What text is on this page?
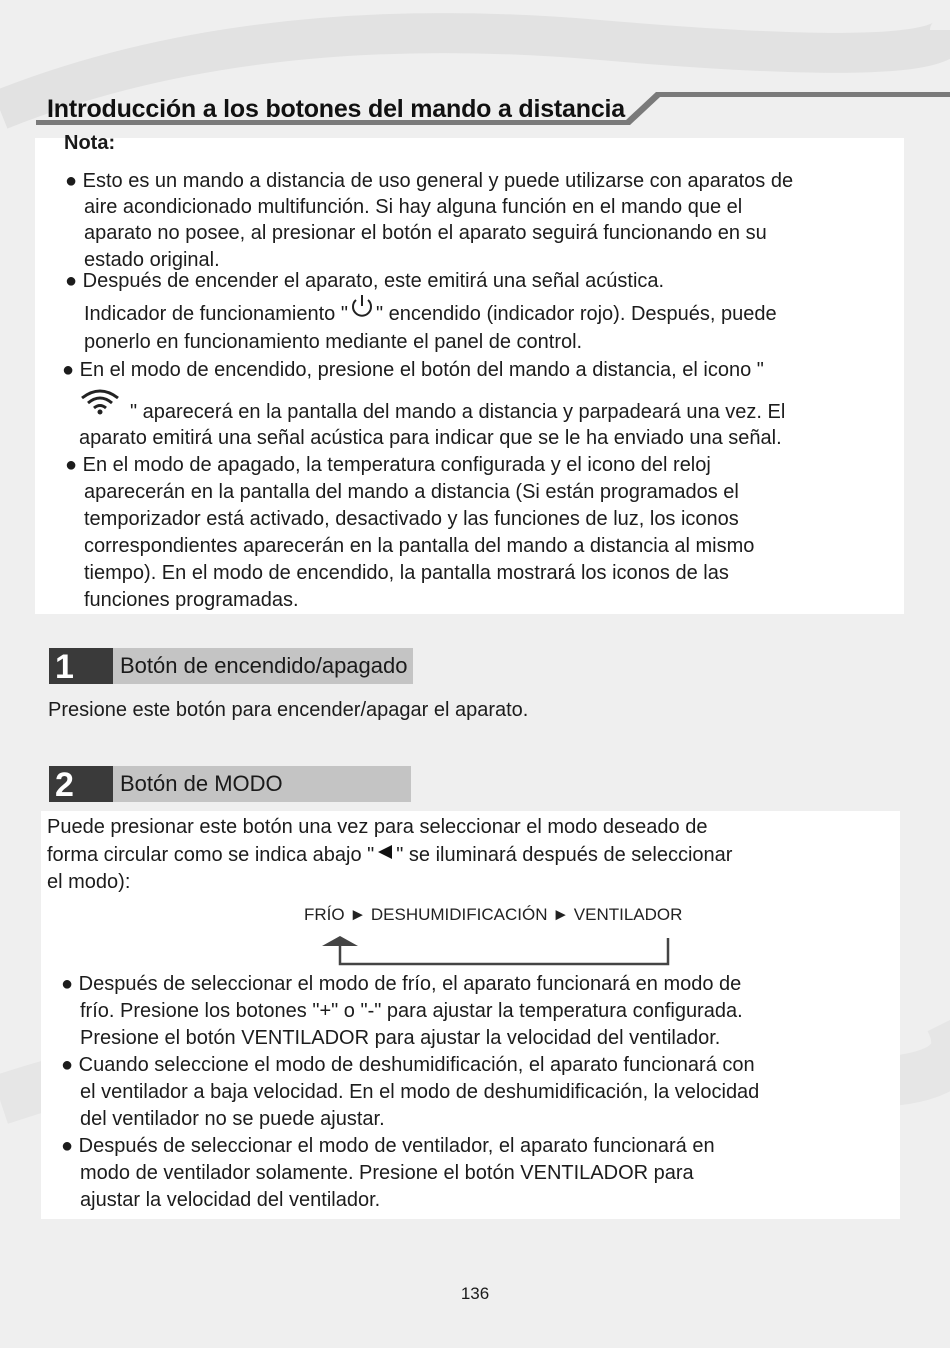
Introducción a los botones del mando a distancia
Nota:
● Esto es un mando a distancia de uso general y puede utilizarse con aparatos de
aire acondicionado multifunción. Si hay alguna función en el mando que el
aparato no posee, al presionar el botón el aparato seguirá funcionando en su
estado original.
● Después de encender el aparato, este emitirá una señal acústica.
Indicador de funcionamiento " " encendido (indicador rojo). Después, puede
ponerlo en funcionamiento mediante el panel de control.
● En el modo de encendido, presione el botón del mando a distancia, el icono "
" aparecerá en la pantalla del mando a distancia y parpadeará una vez. El
aparato emitirá una señal acústica para indicar que se le ha enviado una señal.
● En el modo de apagado, la temperatura configurada y el icono del reloj
aparecerán en la pantalla del mando a distancia (Si están programados el
temporizador está activado, desactivado y las funciones de luz, los iconos
correspondientes aparecerán en la pantalla del mando a distancia al mismo
tiempo). En el modo de encendido, la pantalla mostrará los iconos de las
funciones programadas.
1	Botón de encendido/apagado
Presione este botón para encender/apagar el aparato.
2	Botón de MODO
Puede presionar este botón una vez para seleccionar el modo deseado de
forma circular como se indica abajo " " se iluminará después de seleccionar
el modo):
FRÍO ► DESHUMIDIFICACIÓN ► VENTILADOR
● Después de seleccionar el modo de frío, el aparato funcionará en modo de
frío. Presione los botones "+" o "-" para ajustar la temperatura configurada.
Presione el botón VENTILADOR para ajustar la velocidad del ventilador.
● Cuando seleccione el modo de deshumidificación, el aparato funcionará con
el ventilador a baja velocidad. En el modo de deshumidificación, la velocidad
del ventilador no se puede ajustar.
● Después de seleccionar el modo de ventilador, el aparato funcionará en
modo de ventilador solamente. Presione el botón VENTILADOR para
ajustar la velocidad del ventilador.
136
